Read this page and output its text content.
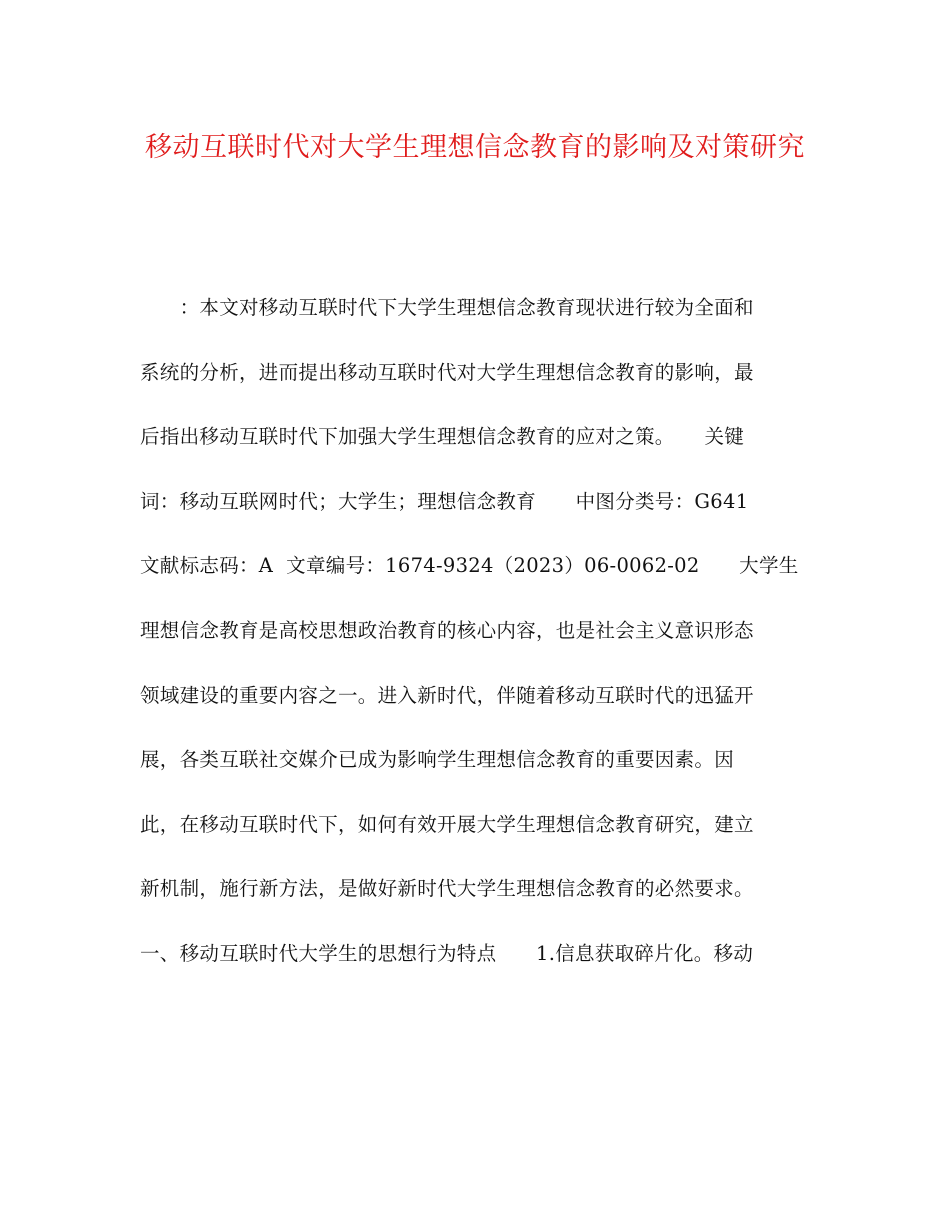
移动互联时代对大学生理想信念教育的影响及对策研究
　　：本文对移动互联时代下大学生理想信念教育现状进行较为全面和
系统的分析，进而提出移动互联时代对大学生理想信念教育的影响，最
后指出移动互联时代下加强大学生理想信念教育的应对之策。　　关键
词：移动互联网时代；大学生；理想信念教育　　中图分类号：G641
文献标志码：A  文章编号：1674-9324（2023）06-0062-02　　大学生
理想信念教育是高校思想政治教育的核心内容，也是社会主义意识形态
领域建设的重要内容之一。进入新时代，伴随着移动互联时代的迅猛开
展，各类互联社交媒介已成为影响学生理想信念教育的重要因素。因
此，在移动互联时代下，如何有效开展大学生理想信念教育研究，建立
新机制，施行新方法，是做好新时代大学生理想信念教育的必然要求。
一、移动互联时代大学生的思想行为特点　　1.信息获取碎片化。移动
